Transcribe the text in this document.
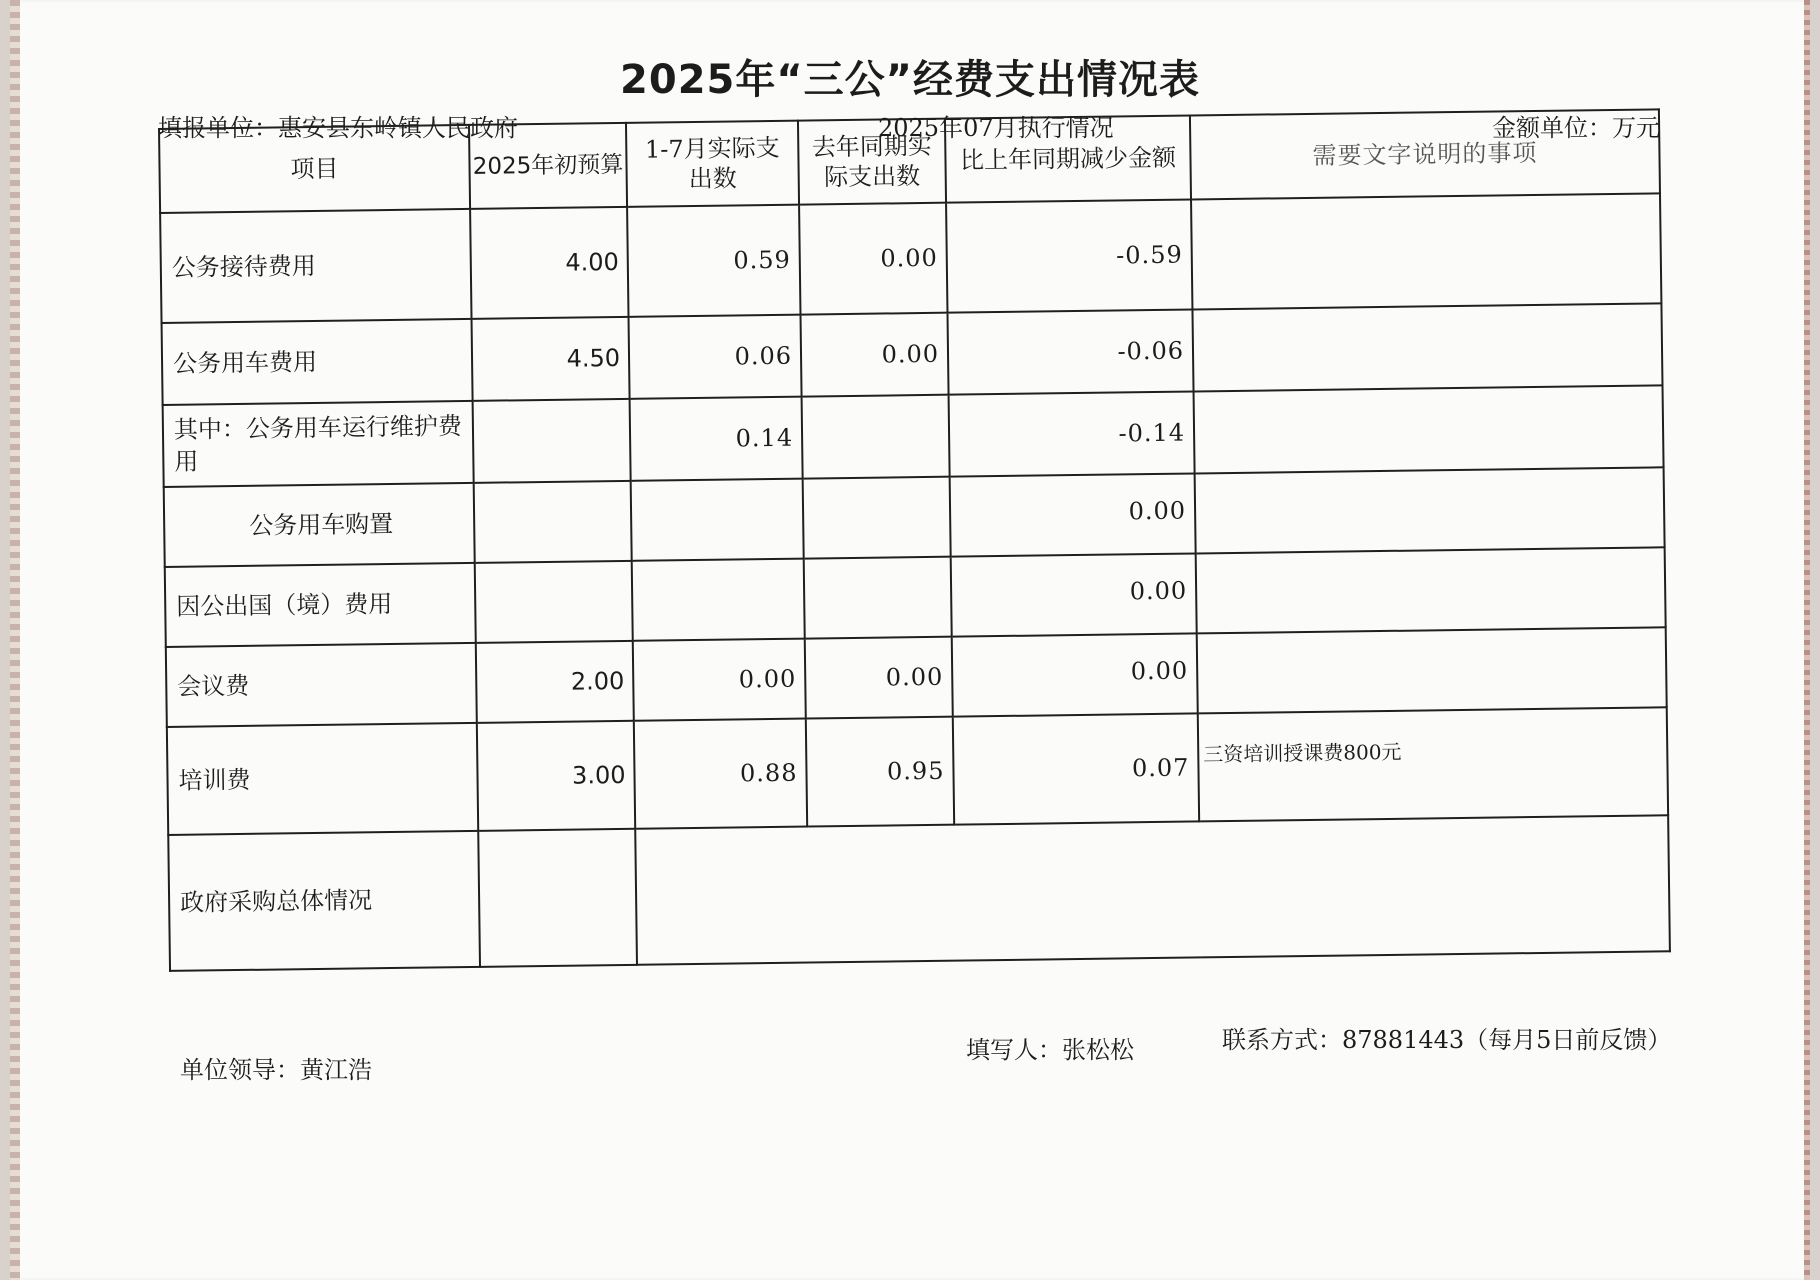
2025年“三公”经费支出情况表
填报单位：惠安县东岭镇人民政府	2025年07月执行情况	金额单位：万元
项目	2025年初预算	1-7月实际支出数	去年同期实际支出数	比上年同期减少金额	需要文字说明的事项
公务接待费用	4.00	0.59	0.00	-0.59	
公务用车费用	4.50	0.06	0.00	-0.06	
其中：公务用车运行维护费用		0.14		-0.14	
公务用车购置				0.00	
因公出国（境）费用				0.00	
会议费	2.00	0.00	0.00	0.00	
培训费	3.00	0.88	0.95	0.07	三资培训授课费800元
政府采购总体情况					
单位领导：黄江浩
填写人：张松松	联系方式：87881443（每月5日前反馈）
